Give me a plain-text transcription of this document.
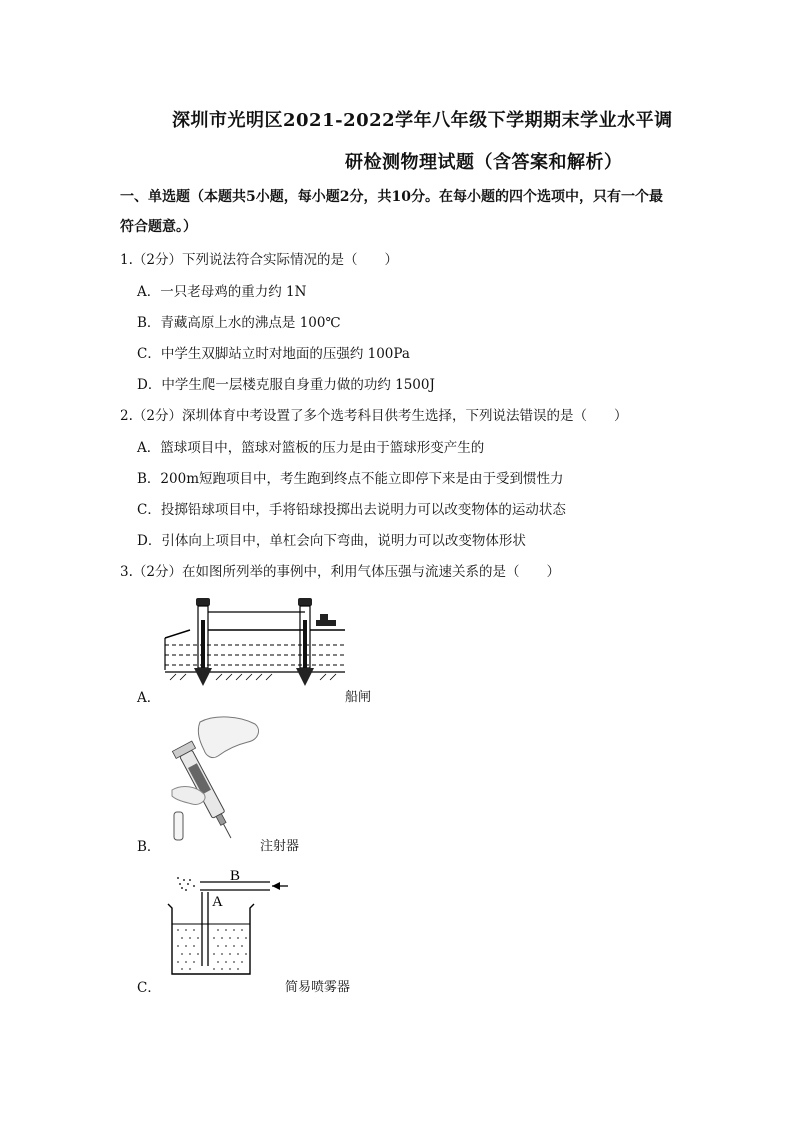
深圳市光明区2021-2022学年八年级下学期期末学业水平调
研检测物理试题（含答案和解析）
一、单选题（本题共5小题，每小题2分，共10分。在每小题的四个选项中，只有一个最
符合题意。）
1.（2分）下列说法符合实际情况的是（　　）
A．一只老母鸡的重力约 1N
B．青藏高原上水的沸点是 100℃
C．中学生双脚站立时对地面的压强约 100Pa
D．中学生爬一层楼克服自身重力做的功约 1500J
2.（2分）深圳体育中考设置了多个选考科目供考生选择，下列说法错误的是（　　）
A．篮球项目中，篮球对篮板的压力是由于篮球形变产生的
B．200m短跑项目中，考生跑到终点不能立即停下来是由于受到惯性力
C．投掷铅球项目中，手将铅球投掷出去说明力可以改变物体的运动状态
D．引体向上项目中，单杠会向下弯曲，说明力可以改变物体形状
3.（2分）在如图所列举的事例中，利用气体压强与流速关系的是（　　）
A．	船闸
B．	注射器
B
A
C．	简易喷雾器
